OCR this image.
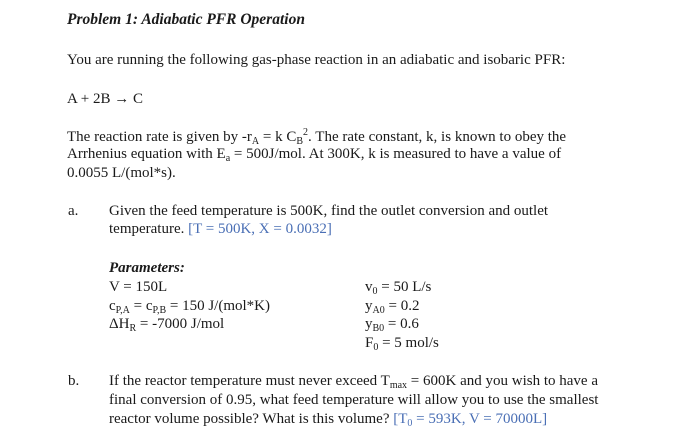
Problem 1: Adiabatic PFR Operation
You are running the following gas-phase reaction in an adiabatic and isobaric PFR:
A + 2B → C
The reaction rate is given by $-r_A = k$ $C_B^2$. The rate constant, k, is known to obey the
Arrhenius equation with $E_a = 500J/mol$. At 300K, k is measured to have a value of
0.0055 L/(mol*s).
a. Given the feed temperature is 500K, find the outlet conversion and outlet
temperature. [T = 500K, X = 0.0032]
Parameters:
V = 150L
$c_{P,A} = c_{P,B} = 150$ J/(mol*K)
$\Delta H_R = -7000$ J/mol
$v_0 = 50$ L/s
$y_{A0} = 0.2$
$y_{B0} = 0.6$
$F_0 = 5$ mol/s
b. If the reactor temperature must never exceed $T_{max} = 600K$ and you wish to have a
final conversion of 0.95, what feed temperature will allow you to use the smallest
reactor volume possible? What is this volume? [$T_0 = 593K$, V = 70000L]
